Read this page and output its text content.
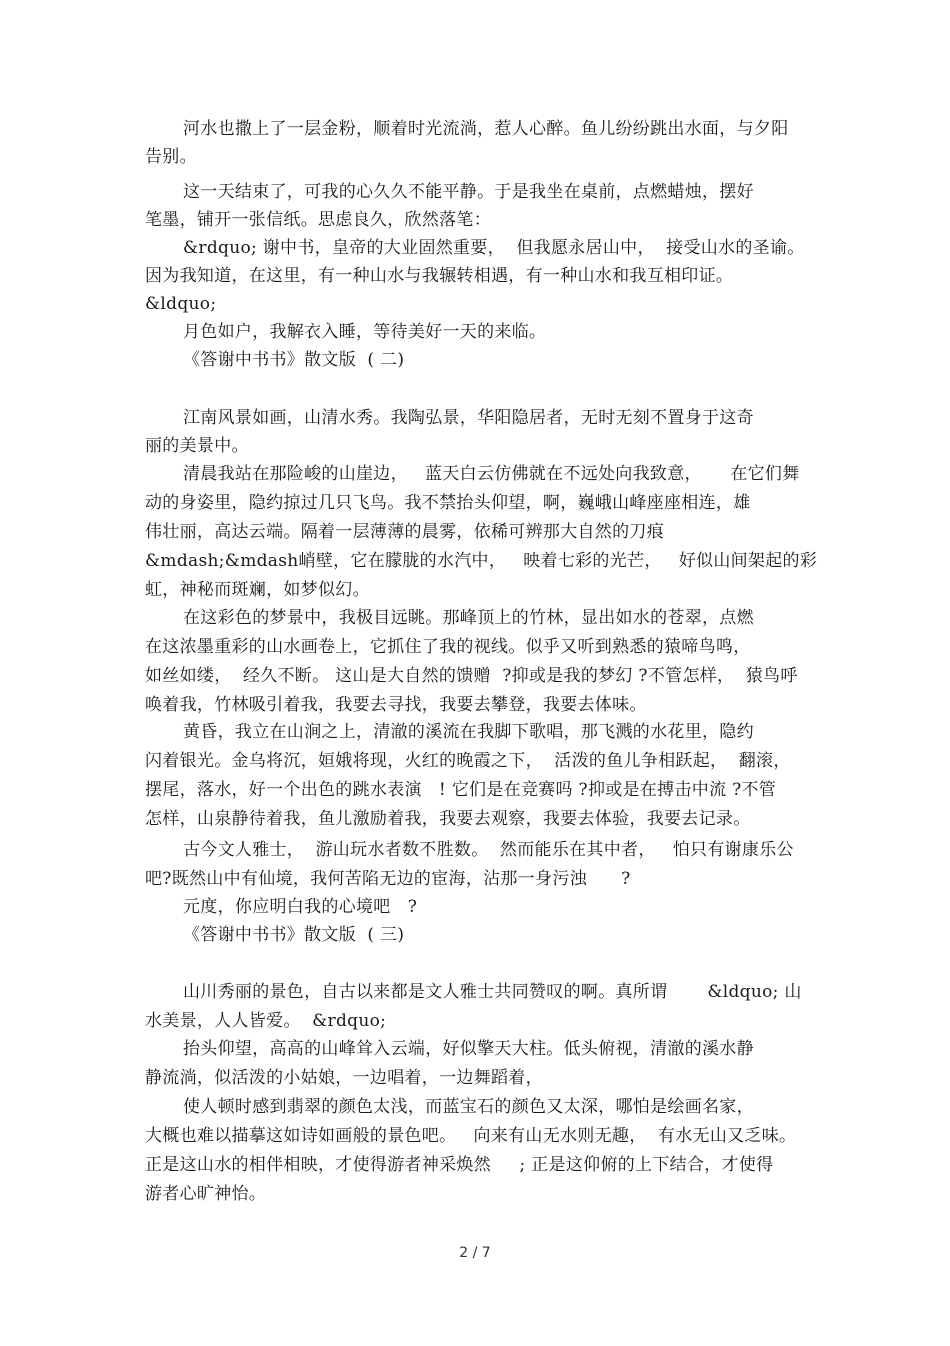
河水也撒上了一层金粉，顺着时光流淌，惹人心醉。鱼儿纷纷跳出水面，与夕阳
告别。
这一天结束了，可我的心久久不能平静。于是我坐在桌前，点燃蜡烛，摆好
笔墨，铺开一张信纸。思虑良久，欣然落笔：
&rdquo; 谢中书，皇帝的大业固然重要，  但我愿永居山中，  接受山水的圣谕。
因为我知道，在这里，有一种山水与我辗转相遇，有一种山水和我互相印证。
&ldquo;
月色如户，我解衣入睡，等待美好一天的来临。
《答谢中书书》散文版  ( 二)
江南风景如画，山清水秀。我陶弘景，华阳隐居者，无时无刻不置身于这奇
丽的美景中。
清晨我站在那险峻的山崖边，   蓝天白云仿佛就在不远处向我致意，     在它们舞
动的身姿里，隐约掠过几只飞鸟。我不禁抬头仰望，啊，巍峨山峰座座相连，雄
伟壮丽，高达云端。隔着一层薄薄的晨雾，依稀可辨那大自然的刀痕
&mdash;&mdash峭壁，它在朦胧的水汽中，   映着七彩的光芒，   好似山间架起的彩
虹，神秘而斑斓，如梦似幻。
在这彩色的梦景中，我极目远眺。那峰顶上的竹林，显出如水的苍翠，点燃
在这浓墨重彩的山水画卷上，它抓住了我的视线。似乎又听到熟悉的猿啼鸟鸣，
如丝如缕，  经久不断。 这山是大自然的馈赠  ?抑或是我的梦幻 ?不管怎样，  猿鸟呼
唤着我，竹林吸引着我，我要去寻找，我要去攀登，我要去体味。
黄昏，我立在山涧之上，清澈的溪流在我脚下歌唱，那飞溅的水花里，隐约
闪着银光。金乌将沉，姮娥将现，火红的晚霞之下，  活泼的鱼儿争相跃起，  翻滚，
摆尾，落水，好一个出色的跳水表演   ! 它们是在竞赛吗 ?抑或是在搏击中流 ?不管
怎样，山泉静待着我，鱼儿激励着我，我要去观察，我要去体验，我要去记录。
古今文人雅士，  游山玩水者数不胜数。  然而能乐在其中者，   怕只有谢康乐公
吧?既然山中有仙境，我何苦陷无边的宦海，沾那一身污浊      ?
元度，你应明白我的心境吧   ?
《答谢中书书》散文版  ( 三)
山川秀丽的景色，自古以来都是文人雅士共同赞叹的啊。真所谓       &ldquo; 山
水美景，人人皆爱。  &rdquo;
抬头仰望，高高的山峰耸入云端，好似擎天大柱。低头俯视，清澈的溪水静
静流淌，似活泼的小姑娘，一边唱着，一边舞蹈着，
使人顿时感到翡翠的颜色太浅，而蓝宝石的颜色又太深，哪怕是绘画名家，
大概也难以描摹这如诗如画般的景色吧。   向来有山无水则无趣，  有水无山又乏味。
正是这山水的相伴相映，才使得游者神采焕然     ; 正是这仰俯的上下结合，才使得
游者心旷神怡。
2 / 7
